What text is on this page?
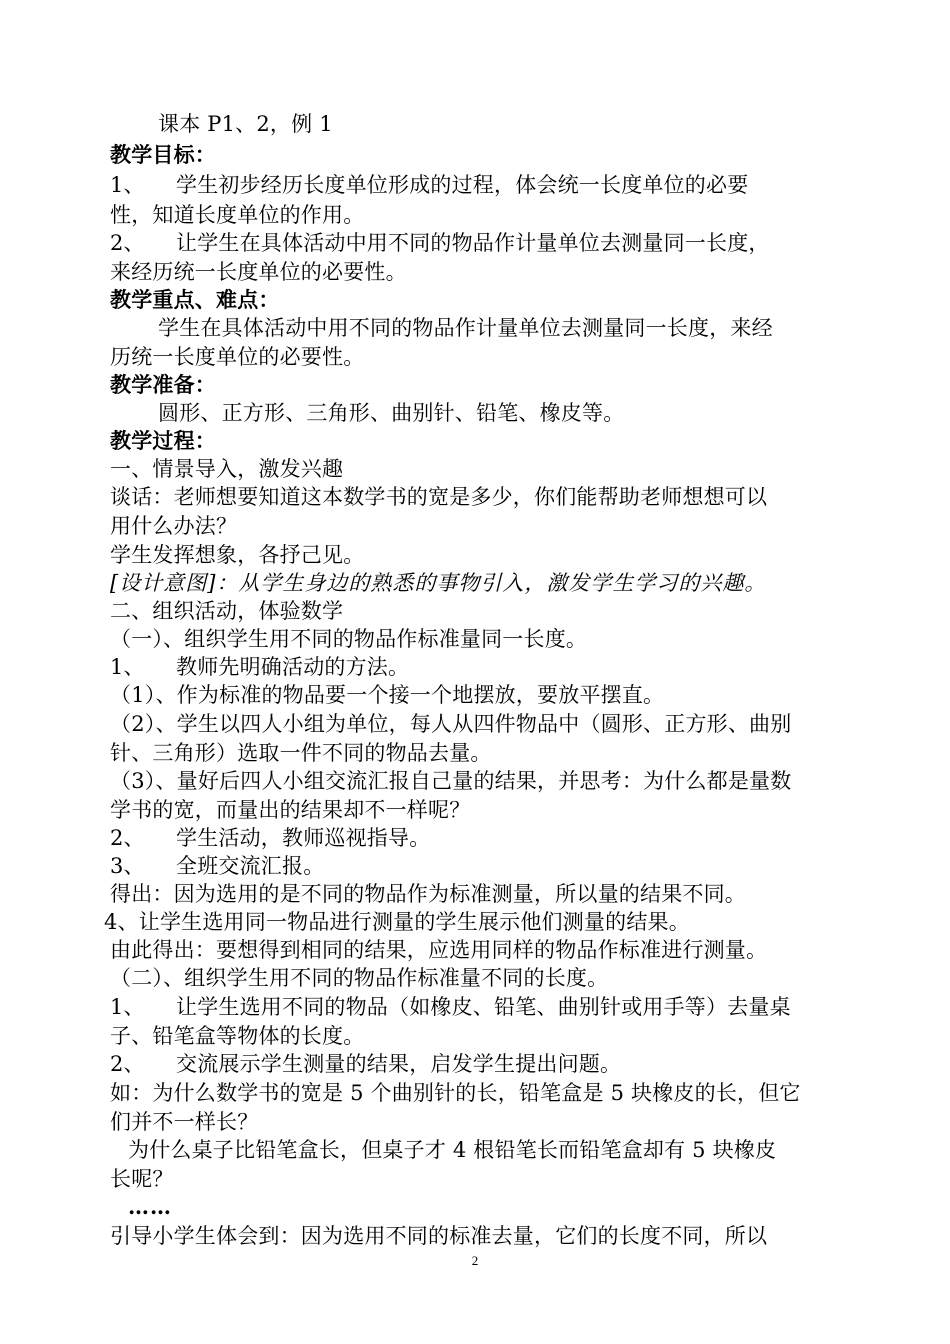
课本 P1、2，例 1
教学目标：
1、 学生初步经历长度单位形成的过程，体会统一长度单位的必要
性，知道长度单位的作用。
2、 让学生在具体活动中用不同的物品作计量单位去测量同一长度，
来经历统一长度单位的必要性。
教学重点、难点：
学生在具体活动中用不同的物品作计量单位去测量同一长度，来经
历统一长度单位的必要性。
教学准备：
圆形、正方形、三角形、曲别针、铅笔、橡皮等。
教学过程：
一、情景导入，激发兴趣
谈话：老师想要知道这本数学书的宽是多少，你们能帮助老师想想可以
用什么办法？
学生发挥想象，各抒己见。
[设计意图]：从学生身边的熟悉的事物引入，激发学生学习的兴趣。
二、组织活动，体验数学
（一）、组织学生用不同的物品作标准量同一长度。
1、 教师先明确活动的方法。
（1）、作为标准的物品要一个接一个地摆放，要放平摆直。
（2）、学生以四人小组为单位，每人从四件物品中（圆形、正方形、曲别
针、三角形）选取一件不同的物品去量。
（3）、量好后四人小组交流汇报自己量的结果，并思考：为什么都是量数
学书的宽，而量出的结果却不一样呢？
2、 学生活动，教师巡视指导。
3、 全班交流汇报。
得出：因为选用的是不同的物品作为标准测量，所以量的结果不同。
4、让学生选用同一物品进行测量的学生展示他们测量的结果。
由此得出：要想得到相同的结果，应选用同样的物品作标准进行测量。
（二）、组织学生用不同的物品作标准量不同的长度。
1、 让学生选用不同的物品（如橡皮、铅笔、曲别针或用手等）去量桌
子、铅笔盒等物体的长度。
2、 交流展示学生测量的结果，启发学生提出问题。
如：为什么数学书的宽是 5 个曲别针的长，铅笔盒是 5 块橡皮的长，但它
们并不一样长？
为什么桌子比铅笔盒长，但桌子才 4 根铅笔长而铅笔盒却有 5 块橡皮
长呢？
……
引导小学生体会到：因为选用不同的标准去量，它们的长度不同，所以
2
